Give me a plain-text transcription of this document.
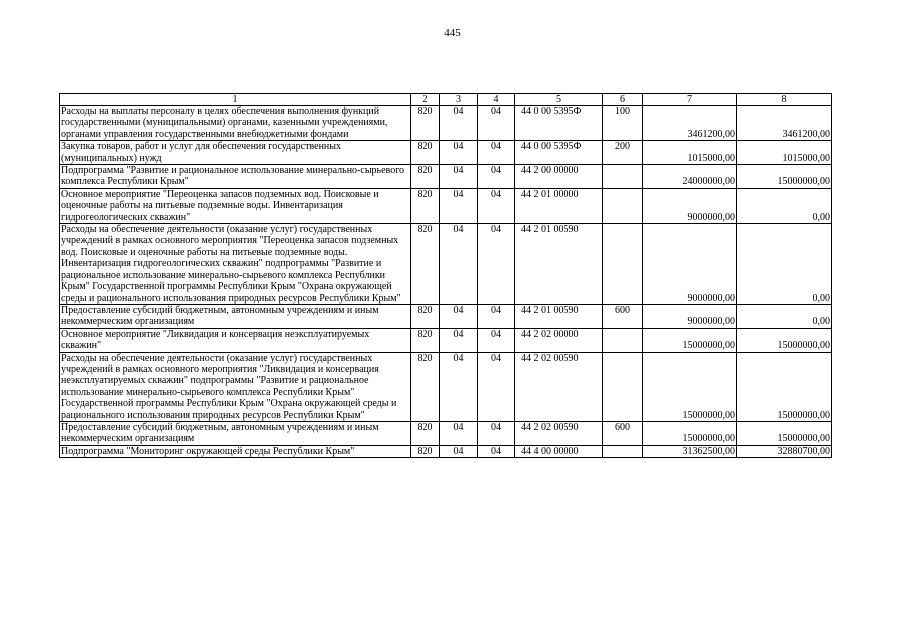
445
1	2	3	4	5	6	7	8
Расходы на выплаты персоналу в целях обеспечения выполнения функций государственными (муниципальными) органами, казенными учреждениями, органами управления государственными внебюджетными фондами	820	04	04	44 0 00 5395Ф	100	3461200,00	3461200,00
Закупка товаров, работ и услуг для обеспечения государственных (муниципальных) нужд	820	04	04	44 0 00 5395Ф	200	1015000,00	1015000,00
Подпрограмма "Развитие и рациональное использование минерально-сырьевого комплекса Республики Крым"	820	04	04	44 2 00 00000		24000000,00	15000000,00
Основное мероприятие "Переоценка запасов подземных вод. Поисковые и оценочные работы на питьевые подземные воды. Инвентаризация гидрогеологических скважин"	820	04	04	44 2 01 00000		9000000,00	0,00
Расходы на обеспечение деятельности (оказание услуг) государственных учреждений в рамках основного мероприятия "Переоценка запасов подземных вод. Поисковые и оценочные работы на питьевые подземные воды. Инвентаризация гидрогеологических скважин" подпрограммы "Развитие и рациональное использование минерально-сырьевого комплекса Республики Крым" Государственной программы Республики Крым "Охрана окружающей среды и рационального использования природных ресурсов Республики Крым"	820	04	04	44 2 01 00590		9000000,00	0,00
Предоставление субсидий бюджетным, автономным учреждениям и иным некоммерческим организациям	820	04	04	44 2 01 00590	600	9000000,00	0,00
Основное мероприятие "Ликвидация и консервация неэксплуатируемых скважин"	820	04	04	44 2 02 00000		15000000,00	15000000,00
Расходы на обеспечение деятельности (оказание услуг) государственных учреждений в рамках основного мероприятия "Ликвидация и консервация неэксплуатируемых скважин" подпрограммы "Развитие и рациональное использование минерально-сырьевого комплекса Республики Крым" Государственной программы Республики Крым "Охрана окружающей среды и рационального использования природных ресурсов Республики Крым"	820	04	04	44 2 02 00590		15000000,00	15000000,00
Предоставление субсидий бюджетным, автономным учреждениям и иным некоммерческим организациям	820	04	04	44 2 02 00590	600	15000000,00	15000000,00
Подпрограмма "Мониторинг окружающей среды Республики Крым"	820	04	04	44 4 00 00000		31362500,00	32880700,00
